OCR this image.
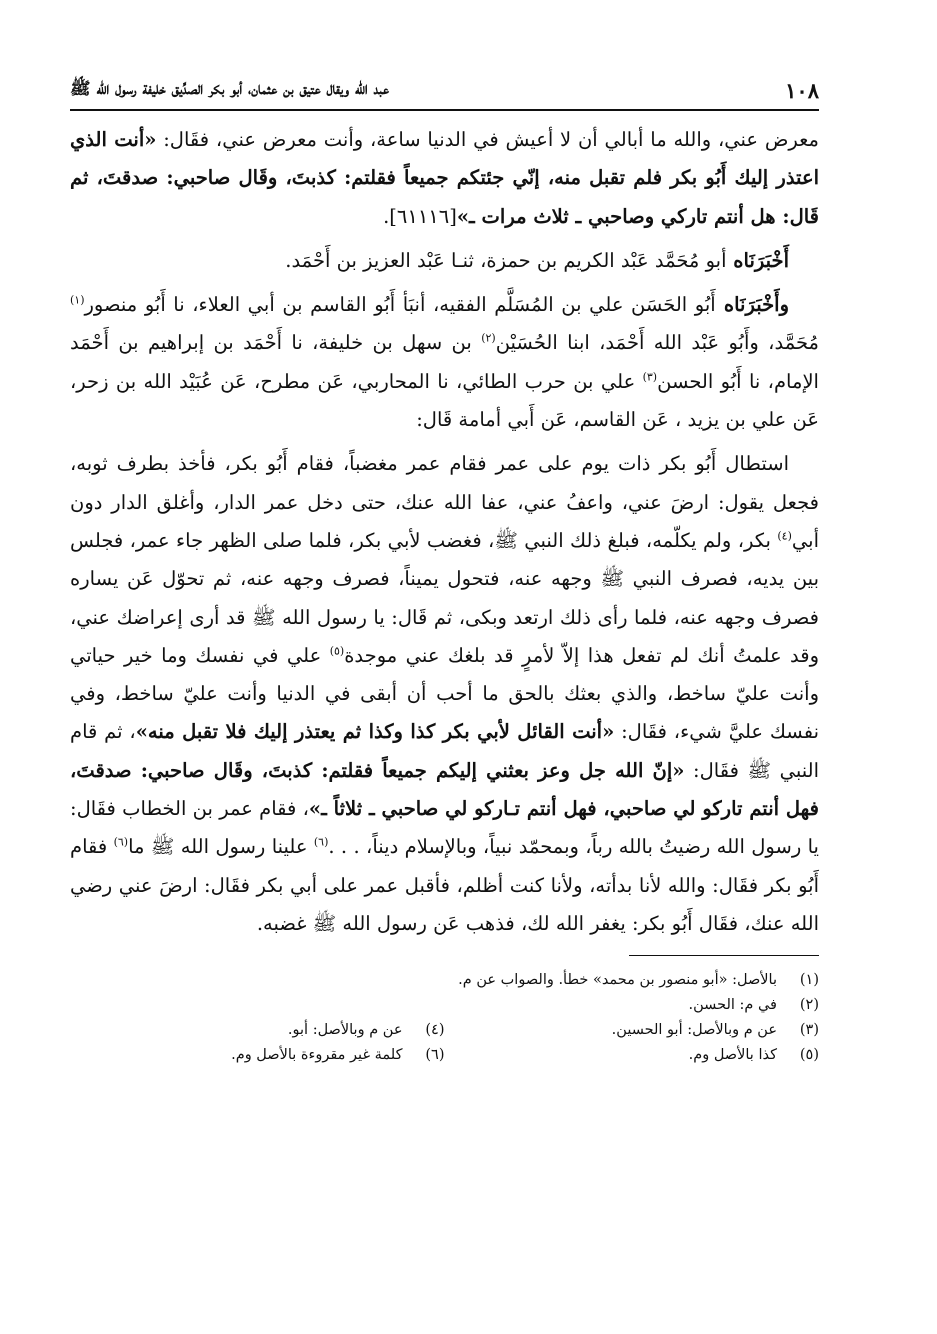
١٠٨
عبد الله ويقال عتيق بن عثمان، أبو بكر الصدِّيق خليفة رسول الله ﷺ

معرض عني، والله ما أبالي أن لا أعيش في الدنيا ساعة، وأنت معرض عني، فقَال: «أنت الذي اعتذر إليك أَبُو بكر فلم تقبل منه، إنّي جئتكم جميعاً فقلتم: كذبتَ، وقَال صاحبي: صدقتَ، ثم قَال: هل أنتم تاركي وصاحبي ـ ثلاث مرات ـ»[٦١١١٦].

أَخْبَرَنَاه أبو مُحَمَّد عَبْد الكريم بن حمزة، ثنـا عَبْد العزيز بن أَحْمَد.

وأَخْبَرَنَاه أَبُو الحَسَن علي بن المُسَلَّم الفقيه، أنبَأ أَبُو القاسم بن أبي العلاء، نا أَبُو منصور$^{(١)}$ مُحَمَّد، وأَبُو عَبْد الله أَحْمَد، ابنا الحُسَيْن$^{(٢)}$ بن سهل بن خليفة، نا أَحْمَد بن إبراهيم بن أَحْمَد الإمام، نا أَبُو الحسن$^{(٣)}$ علي بن حرب الطائي، نا المحاربي، عَن مطرح، عَن عُبَيْد الله بن زحر، عَن علي بن يزيد ، عَن القاسم، عَن أَبي أمامة قَال:

استطال أَبُو بكر ذات يوم على عمر فقام عمر مغضباً، فقام أَبُو بكر، فأخذ بطرف ثوبه، فجعل يقول: ارضَ عني، واعفُ عني، عفا الله عنك، حتى دخل عمر الدار، وأغلق الدار دون أبي$^{(٤)}$ بكر، ولم يكلّمه، فبلغ ذلك النبي ﷺ، فغضب لأبي بكر، فلما صلى الظهر جاء عمر، فجلس بين يديه، فصرف النبي ﷺ وجهه عنه، فتحول يميناً، فصرف وجهه عنه، ثم تحوّل عَن يساره فصرف وجهه عنه، فلما رأى ذلك ارتعد وبكى، ثم قَال: يا رسول الله ﷺ قد أرى إعراضك عني، وقد علمتُ أنك لم تفعل هذا إلاّ لأمرٍ قد بلغك عني موجدة$^{(٥)}$ علي في نفسك وما خير حياتي وأنت عليّ ساخط، والذي بعثك بالحق ما أحب أن أبقى في الدنيا وأنت عليّ ساخط، وفي نفسك عليَّ شيء، فقَال: «أنت القائل لأبي بكر كذا وكذا ثم يعتذر إليك فلا تقبل منه»، ثم قام النبي ﷺ فقَال: «إنّ الله جل وعز بعثني إليكم جميعاً فقلتم: كذبتَ، وقَال صاحبي: صدقتَ، فهل أنتم تاركو لي صاحبي، فهل أنتم تـاركو لي صاحبي ـ ثلاثاً ـ»، فقام عمر بن الخطاب فقَال: يا رسول الله رضيتُ بالله رباً، وبمحمّد نبياً، وبالإسلام ديناً، . . .$^{(٦)}$ علينا رسول الله ﷺ ما$^{(٦)}$ فقام أَبُو بكر فقَال: والله لأنا بدأته، ولأنا كنت أظلم، فأقبل عمر على أبي بكر فقَال: ارضَ عني رضي الله عنك، فقَال أَبُو بكر: يغفر الله لك، فذهب عَن رسول الله ﷺ غضبه.

(١)بالأصل: «أبو منصور بن محمد» خطأ. والصواب عن م.
(٢)في م: الحسن.
(٣)عن م وبالأصل: أبو الحسين.
(٤)عن م وبالأصل: أبو.
(٥)كذا بالأصل وم.
(٦)كلمة غير مقروءة بالأصل وم.
